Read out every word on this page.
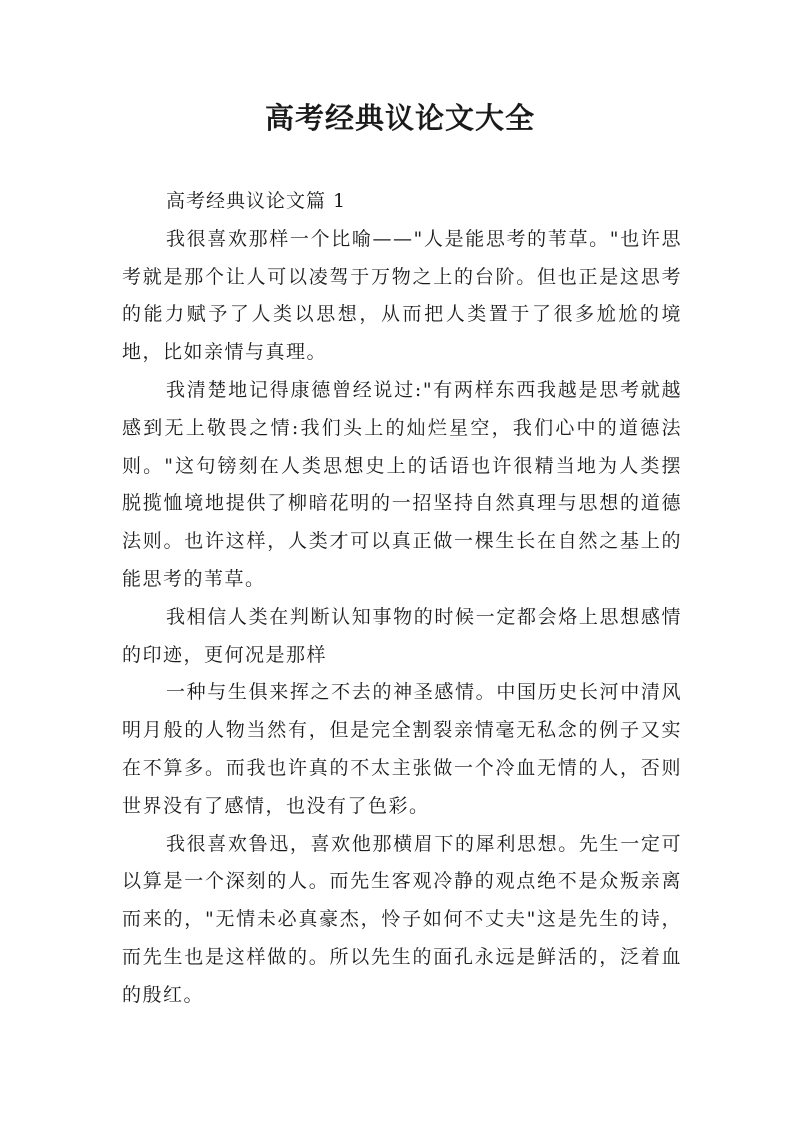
高考经典议论文大全

高考经典议论文篇 1

我很喜欢那样一个比喻——"人是能思考的苇草。"也许思考就是那个让人可以凌驾于万物之上的台阶。但也正是这思考的能力赋予了人类以思想，从而把人类置于了很多尬尬的境地，比如亲情与真理。

我清楚地记得康德曾经说过:"有两样东西我越是思考就越感到无上敬畏之情:我们头上的灿烂星空，我们心中的道德法则。"这句镑刻在人类思想史上的话语也许很精当地为人类摆脱揽恤境地提供了柳暗花明的一招坚持自然真理与思想的道德法则。也许这样，人类才可以真正做一棵生长在自然之基上的能思考的苇草。

我相信人类在判断认知事物的时候一定都会烙上思想感情的印迹，更何况是那样

一种与生俱来挥之不去的神圣感情。中国历史长河中清风明月般的人物当然有，但是完全割裂亲情毫无私念的例子又实在不算多。而我也许真的不太主张做一个冷血无情的人，否则世界没有了感情，也没有了色彩。

我很喜欢鲁迅，喜欢他那横眉下的犀利思想。先生一定可以算是一个深刻的人。而先生客观冷静的观点绝不是众叛亲离而来的，"无情未必真豪杰，怜子如何不丈夫"这是先生的诗，而先生也是这样做的。所以先生的面孔永远是鲜活的，泛着血的殷红。
